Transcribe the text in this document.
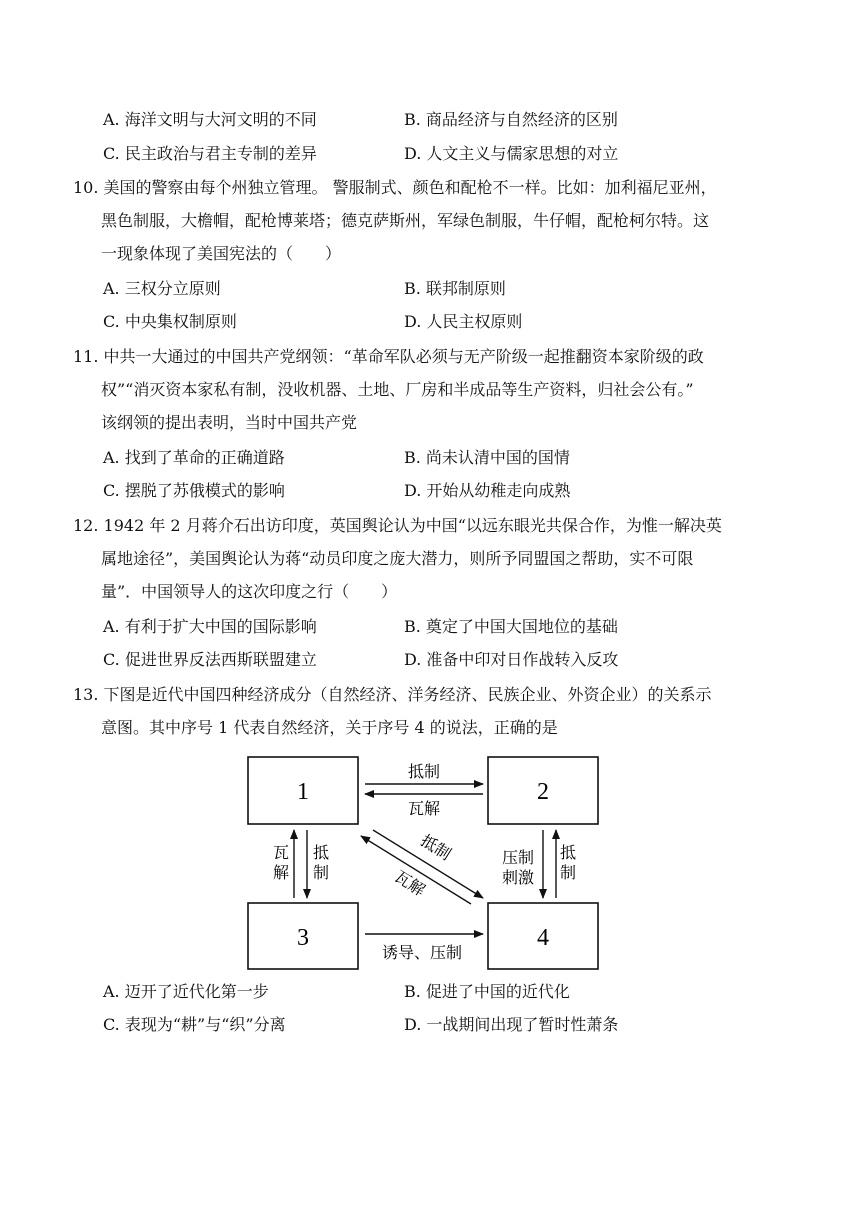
A. 海洋文明与大河文明的不同	B. 商品经济与自然经济的区别
C. 民主政治与君主专制的差异	D. 人文主义与儒家思想的对立
10. 美国的警察由每个州独立管理。 警服制式、颜色和配枪不一样。比如：加利福尼亚州，
黑色制服，大檐帽，配枪博莱塔；德克萨斯州，军绿色制服，牛仔帽，配枪柯尔特。这
一现象体现了美国宪法的（　　）
A. 三权分立原则	B. 联邦制原则
C. 中央集权制原则	D. 人民主权原则
11. 中共一大通过的中国共产党纲领：“革命军队必须与无产阶级一起推翻资本家阶级的政
权”“消灭资本家私有制，没收机器、土地、厂房和半成品等生产资料，归社会公有。”
该纲领的提出表明，当时中国共产党
A. 找到了革命的正确道路	B. 尚未认清中国的国情
C. 摆脱了苏俄模式的影响	D. 开始从幼稚走向成熟
12. 1942 年 2 月蒋介石出访印度，英国舆论认为中国“以远东眼光共保合作，为惟一解决英
属地途径”，美国舆论认为蒋“动员印度之庞大潜力，则所予同盟国之帮助，实不可限
量”．中国领导人的这次印度之行（　　）
A. 有利于扩大中国的国际影响	B. 奠定了中国大国地位的基础
C. 促进世界反法西斯联盟建立	D. 准备中印对日作战转入反攻
13. 下图是近代中国四种经济成分（自然经济、洋务经济、民族企业、外资企业）的关系示
意图。其中序号 1 代表自然经济，关于序号 4 的说法，正确的是
1	2
3	4
抵制
瓦解
瓦
解
抵
制
抵制
瓦解
压制
刺激
抵
制
诱导、压制
A. 迈开了近代化第一步	B. 促进了中国的近代化
C. 表现为“耕”与“织”分离	D. 一战期间出现了暂时性萧条
